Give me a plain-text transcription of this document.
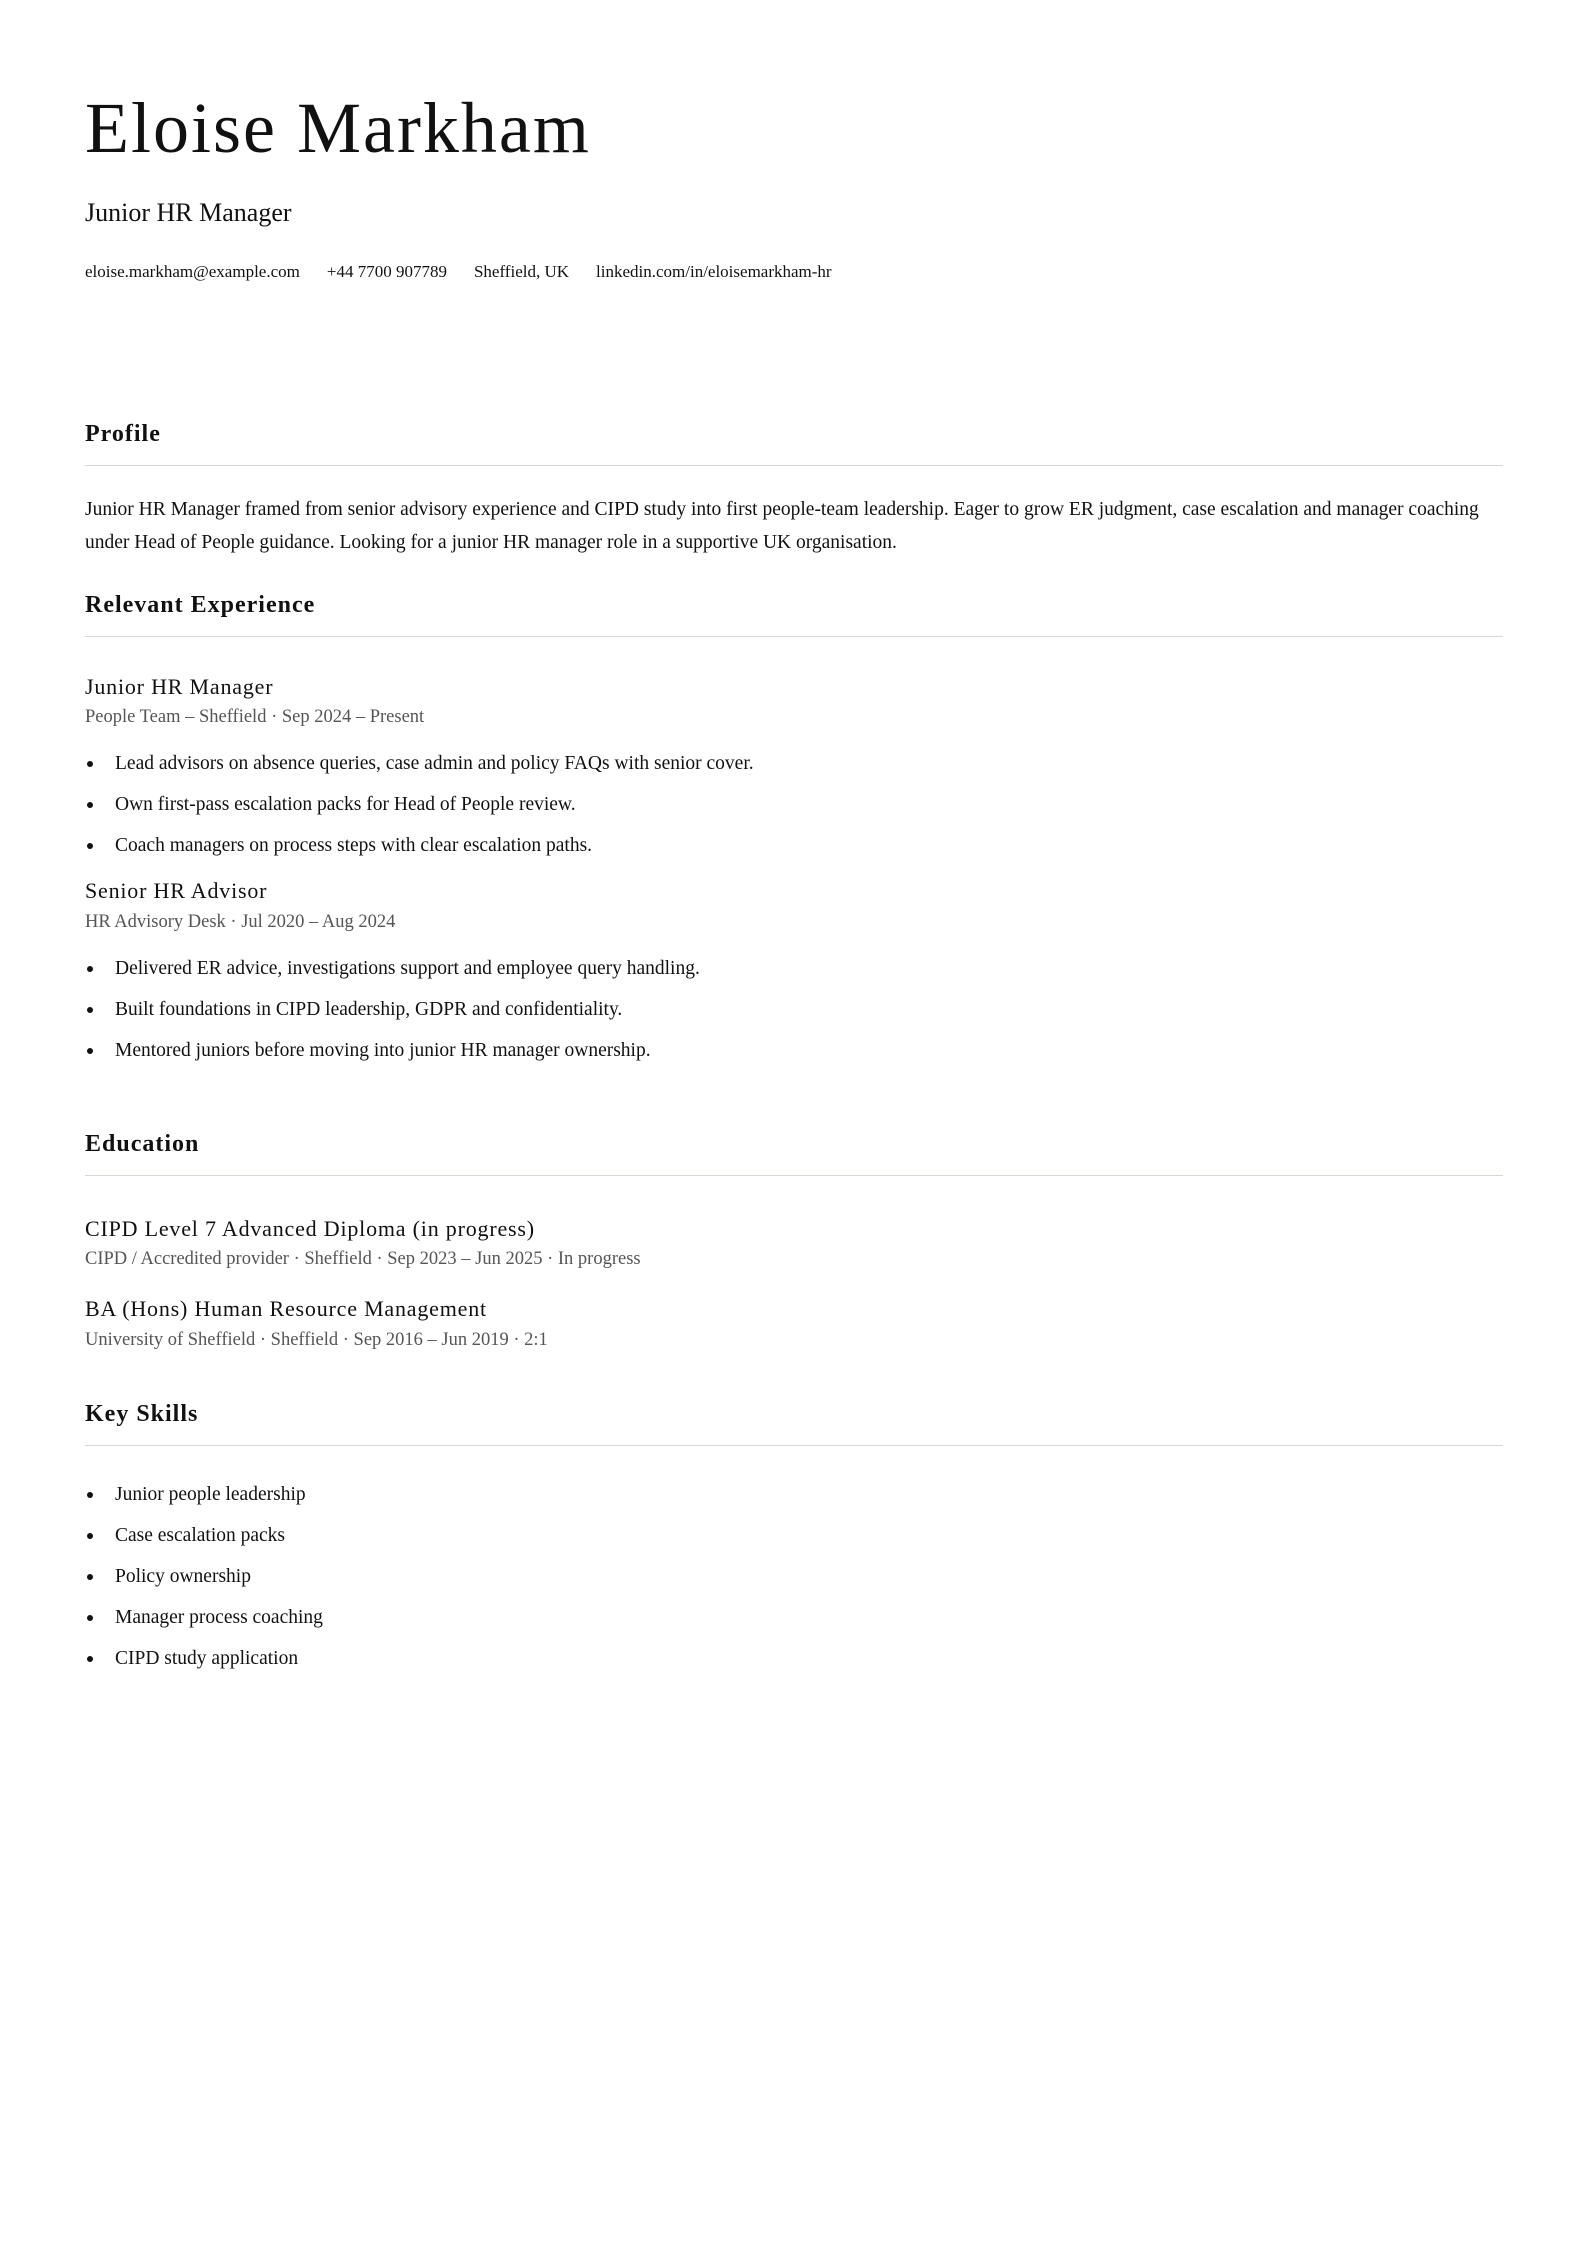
Eloise Markham
Junior HR Manager
eloise.markham@example.com +44 7700 907789 Sheffield, UK linkedin.com/in/eloisemarkham-hr
Profile

Junior HR Manager framed from senior advisory experience and CIPD study into first people-team leadership. Eager to grow ER judgment, case escalation and manager coaching under Head of People guidance. Looking for a junior HR manager role in a supportive UK organisation.

Relevant Experience
Junior HR Manager
People Team – Sheffield · Sep 2024 – Present
Lead advisors on absence queries, case admin and policy FAQs with senior cover.
Own first-pass escalation packs for Head of People review.
Coach managers on process steps with clear escalation paths.
Senior HR Advisor
HR Advisory Desk · Jul 2020 – Aug 2024
Delivered ER advice, investigations support and employee query handling.
Built foundations in CIPD leadership, GDPR and confidentiality.
Mentored juniors before moving into junior HR manager ownership.
Education
CIPD Level 7 Advanced Diploma (in progress)
CIPD / Accredited provider · Sheffield · Sep 2023 – Jun 2025 · In progress
BA (Hons) Human Resource Management
University of Sheffield · Sheffield · Sep 2016 – Jun 2019 · 2:1
Key Skills
Junior people leadership
Case escalation packs
Policy ownership
Manager process coaching
CIPD study application
